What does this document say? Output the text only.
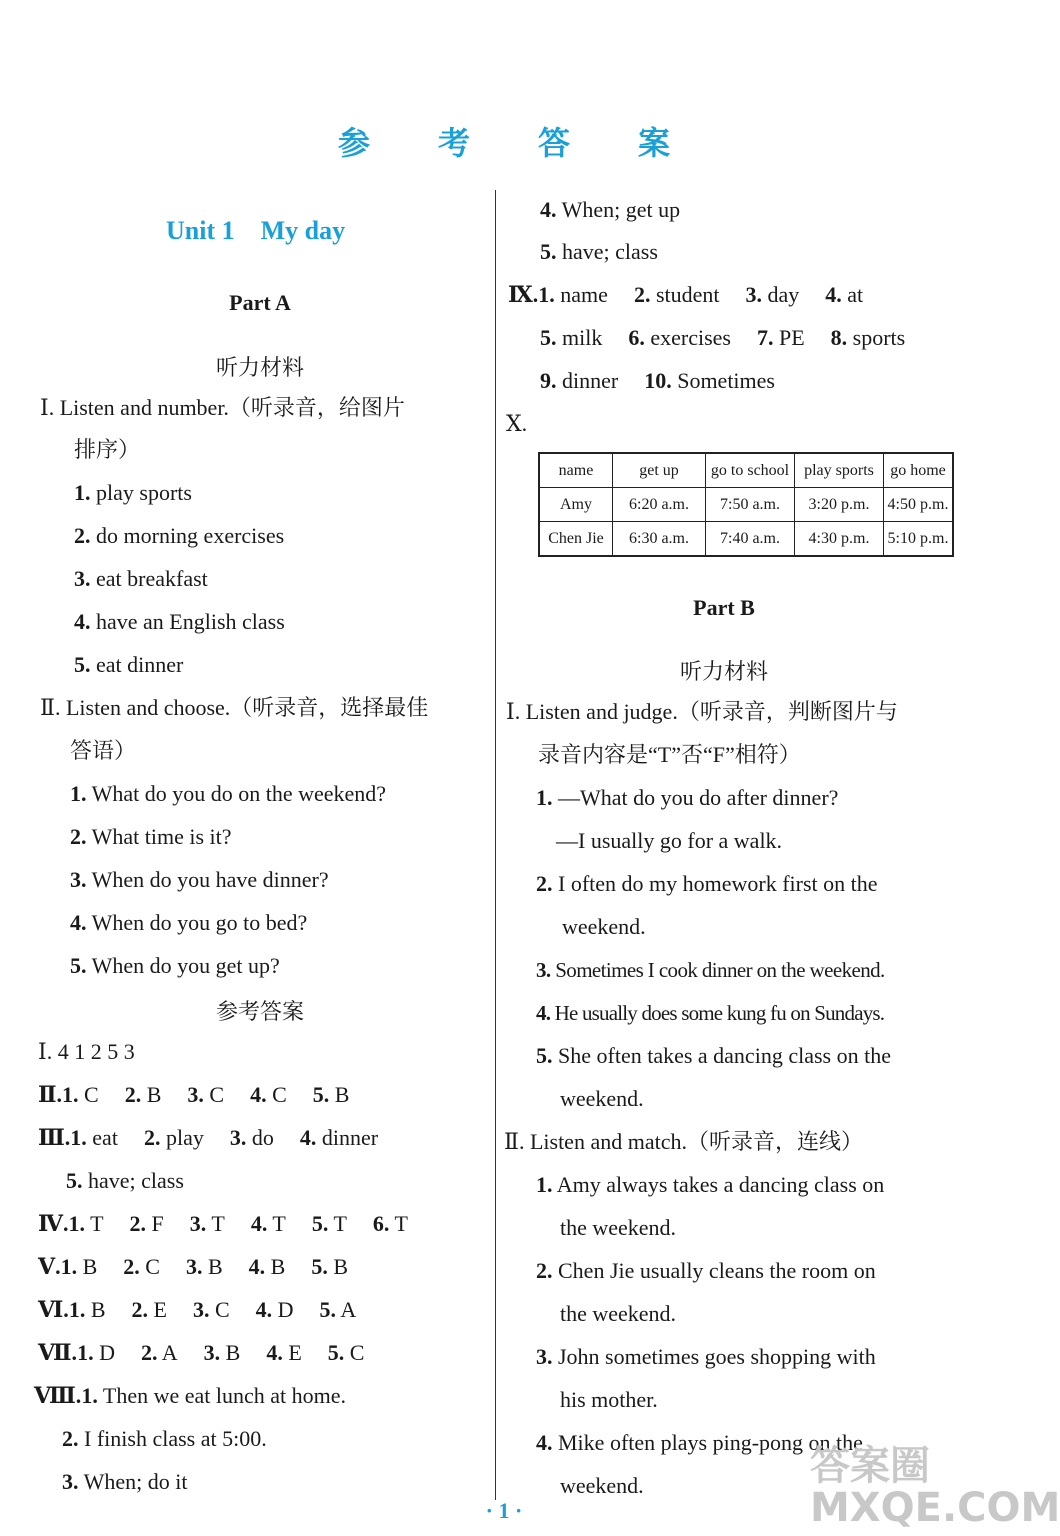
参 考 答 案
Unit 1　My day
Part A
听力材料
Ⅰ. Listen and number.（听录音，给图片
排序）
1. play sports
2. do morning exercises
3. eat breakfast
4. have an English class
5. eat dinner
Ⅱ. Listen and choose.（听录音，选择最佳
答语）
1. What do you do on the weekend?
2. What time is it?
3. When do you have dinner?
4. When do you go to bed?
5. When do you get up?
参考答案
Ⅰ. 4 1 2 5 3
Ⅱ.1. C 2. B 3. C 4. C 5. B
Ⅲ.1. eat 2. play 3. do 4. dinner
5. have; class
Ⅳ.1. T 2. F 3. T 4. T 5. T 6. T
Ⅴ.1. B 2. C 3. B 4. B 5. B
Ⅵ.1. B 2. E 3. C 4. D 5. A
Ⅶ.1. D 2. A 3. B 4. E 5. C
Ⅷ.1. Then we eat lunch at home.
2. I finish class at 5:00.
3. When; do it
4. When; get up
5. have; class
Ⅸ.1. name 2. student 3. day 4. at
5. milk 6. exercises 7. PE 8. sports
9. dinner 10. Sometimes
Ⅹ.
name	get up	go to school	play sports	go home
Amy	6:20 a.m.	7:50 a.m.	3:20 p.m.	4:50 p.m.
Chen Jie	6:30 a.m.	7:40 a.m.	4:30 p.m.	5:10 p.m.
Part B
听力材料
Ⅰ. Listen and judge.（听录音，判断图片与
录音内容是“T”否“F”相符）
1. —What do you do after dinner?
—I usually go for a walk.
2. I often do my homework first on the
weekend.
3. Sometimes I cook dinner on the weekend.
4. He usually does some kung fu on Sundays.
5. She often takes a dancing class on the
weekend.
Ⅱ. Listen and match.（听录音，连线）
1. Amy always takes a dancing class on
the weekend.
2. Chen Jie usually cleans the room on
the weekend.
3. John sometimes goes shopping with
his mother.
4. Mike often plays ping-pong on the
weekend.
· 1 ·
答案圈
MXQE.COM
